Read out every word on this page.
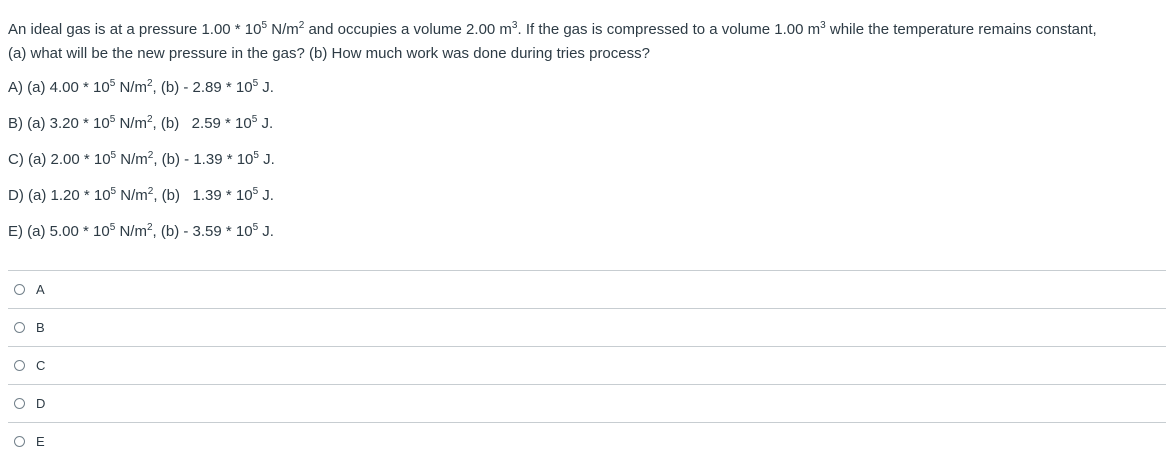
An ideal gas is at a pressure $1.00 * 10^5$ $N/m^2$ and occupies a volume 2.00 $m^3$. If the gas is compressed to a volume 1.00 $m^3$ while the temperature remains constant,
(a) what will be the new pressure in the gas? (b) How much work was done during tries process?

A) (a) $4.00 * 10^5$ $N/m^2$, $(b) - 2.89 * 10^5$ J.

B) (a) $3.20 * 10^5$ $N/m^2$, (b)   $2.59 * 10^5$ J.

C) (a) $2.00 * 10^5$ $N/m^2$, $(b) - 1.39 * 10^5$ J.

D) (a) $1.20 * 10^5$ $N/m^2$, (b)   $1.39 * 10^5$ J.

E) (a) $5.00 * 10^5$ $N/m^2$, $(b) - 3.59 * 10^5$ J.

A
B
C
D
E
